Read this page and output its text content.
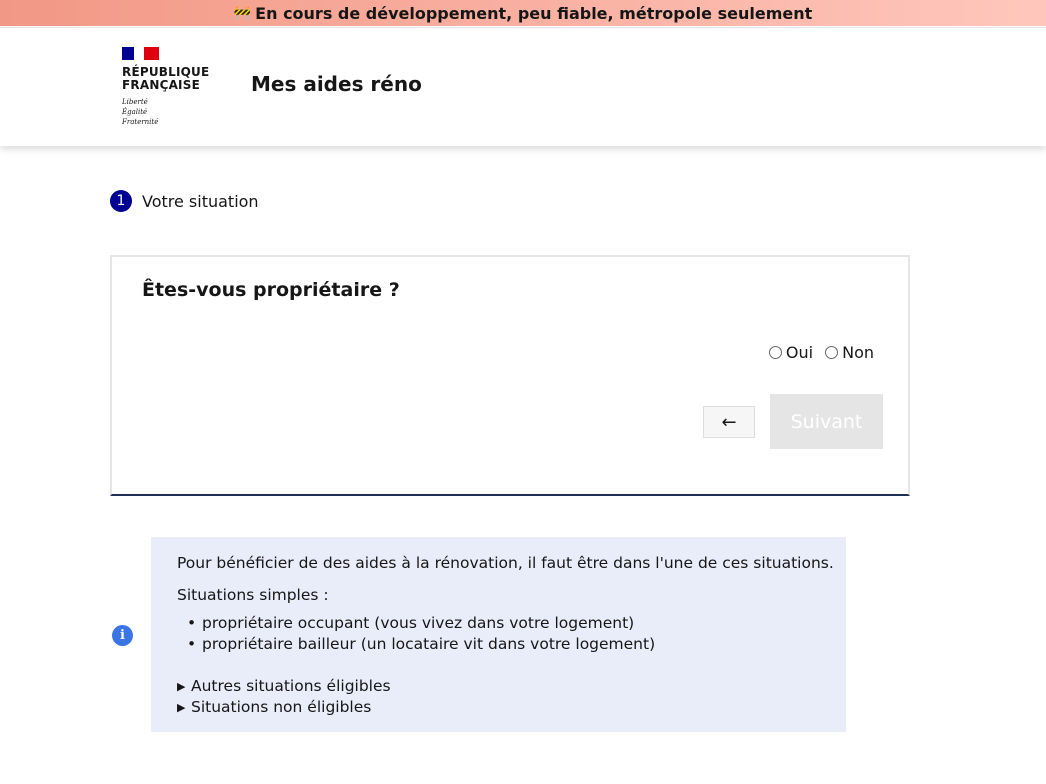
🚧 En cours de développement, peu fiable, métropole seulement
RÉPUBLIQUE
FRANÇAISE
Liberté
Égalité
Fraternité
Mes aides réno
1	Votre situation
Êtes-vous propriétaire ?
Oui Non
←	Suivant
i
Pour bénéficier de des aides à la rénovation, il faut être dans l'une de ces situations.
Situations simples :
• propriétaire occupant (vous vivez dans votre logement)
• propriétaire bailleur (un locataire vit dans votre logement)
▶ Autres situations éligibles
▶ Situations non éligibles
